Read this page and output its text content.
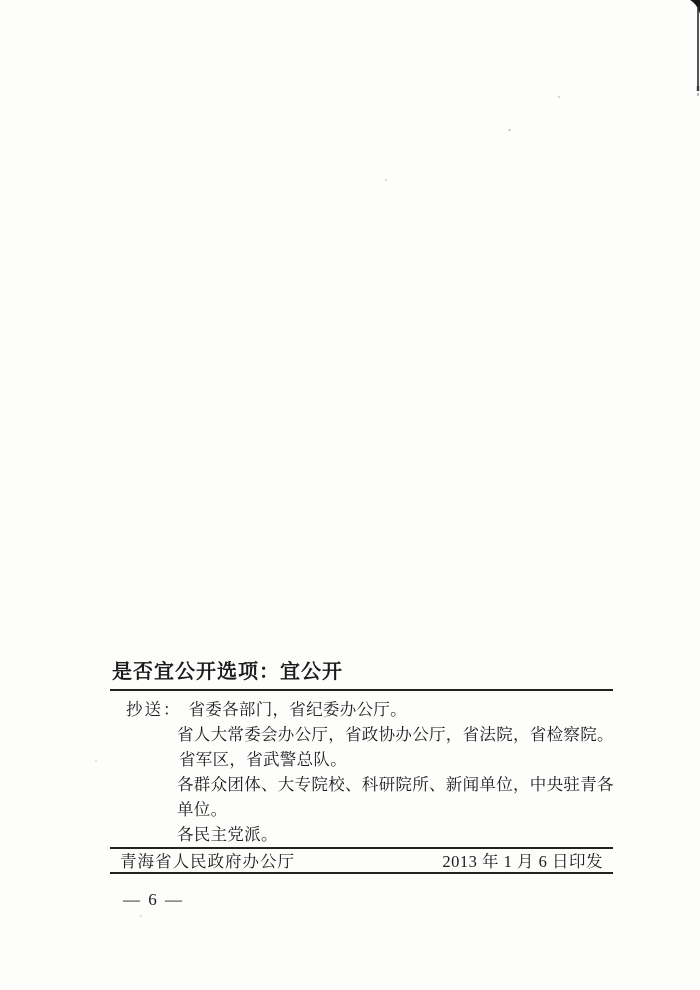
是否宜公开选项：宜公开
抄送： 省委各部门，省纪委办公厅。
省人大常委会办公厅，省政协办公厅，省法院，省检察院。
省军区，省武警总队。
各群众团体、大专院校、科研院所、新闻单位，中央驻青各
单位。
各民主党派。
青海省人民政府办公厅	2013 年 1 月 6 日印发
— 6 —
